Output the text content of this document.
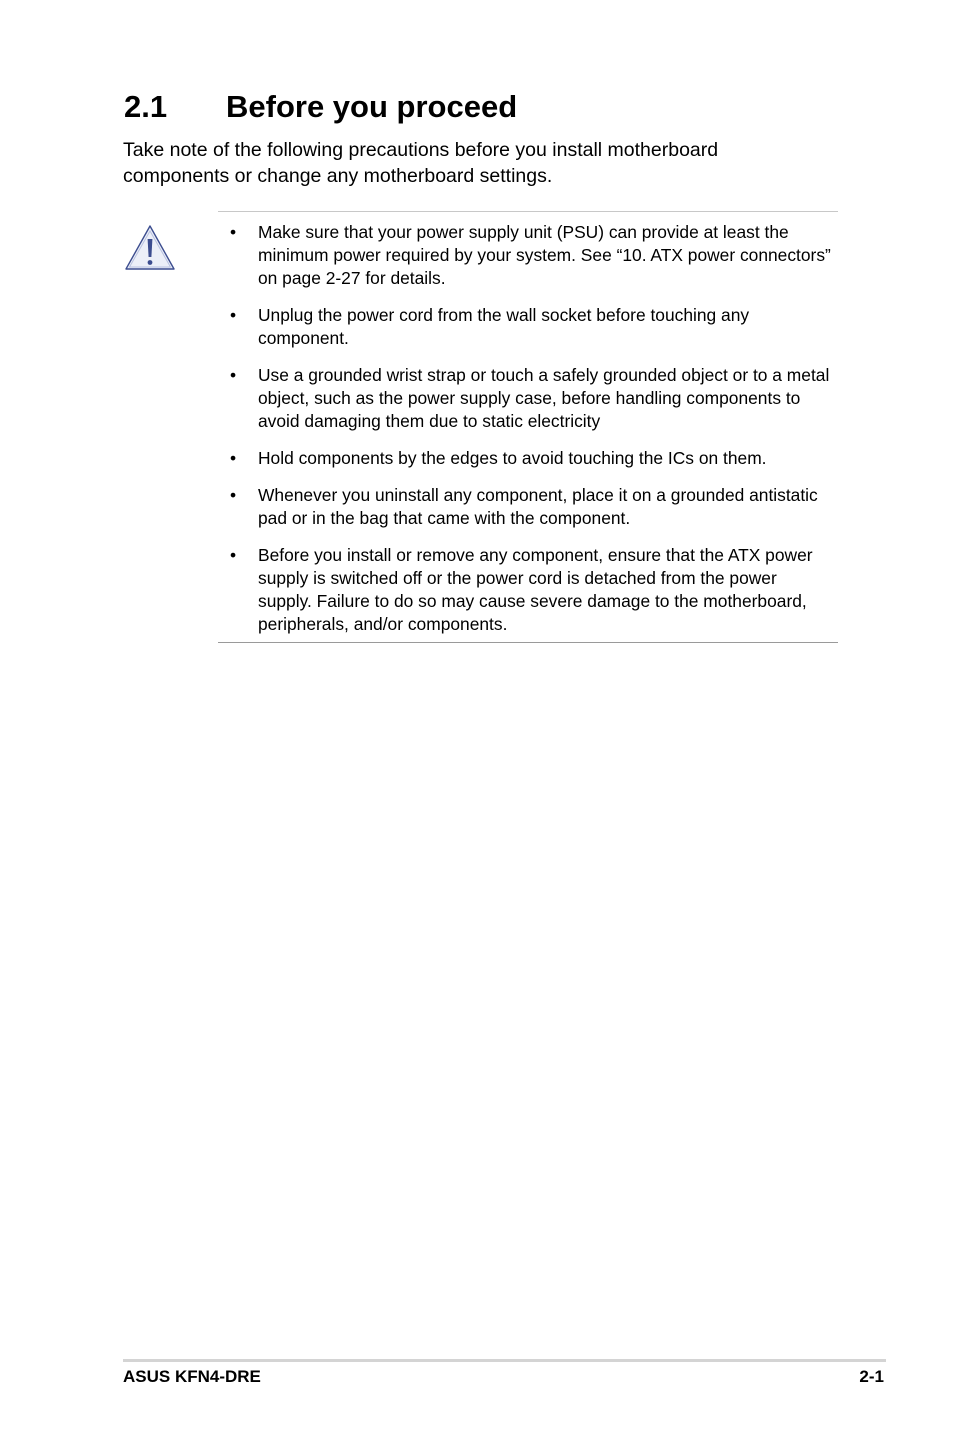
2.1 Before you proceed

Take note of the following precautions before you install motherboard components or change any motherboard settings.

• Make sure that your power supply unit (PSU) can provide at least the minimum power required by your system. See “10. ATX power connectors” on page 2-27 for details.
• Unplug the power cord from the wall socket before touching any component.
• Use a grounded wrist strap or touch a safely grounded object or to a metal object, such as the power supply case, before handling components to avoid damaging them due to static electricity
• Hold components by the edges to avoid touching the ICs on them.
• Whenever you uninstall any component, place it on a grounded antistatic pad or in the bag that came with the component.
• Before you install or remove any component, ensure that the ATX power supply is switched off or the power cord is detached from the power supply. Failure to do so may cause severe damage to the motherboard, peripherals, and/or components.
ASUS KFN4-DRE	2-1
